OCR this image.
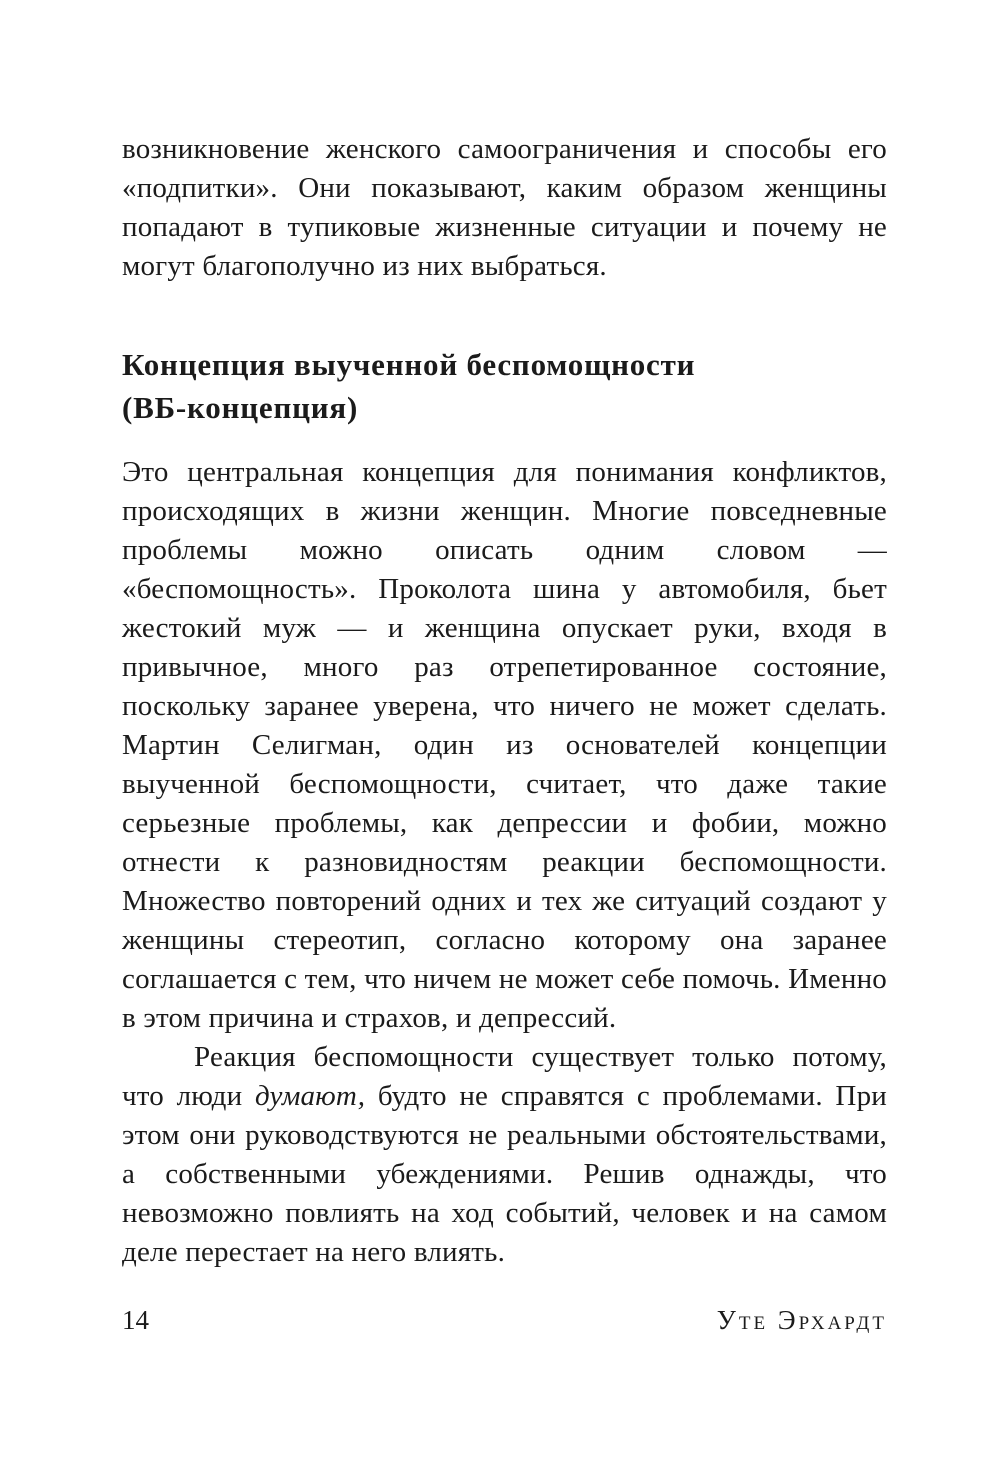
возникновение женского самоограничения и способы его «подпитки». Они показывают, каким образом женщины попадают в тупиковые жизненные ситуации и почему не могут благополучно из них выбраться.

Концепция выученной беспомощности
(ВБ-концепция)

Это центральная концепция для понимания конфликтов, происходящих в жизни женщин. Многие повседневные проблемы можно описать одним словом — «беспомощность». Проколота шина у автомобиля, бьет жестокий муж — и женщина опускает руки, входя в привычное, много раз отрепетированное состояние, поскольку заранее уверена, что ничего не может сделать. Мартин Селигман, один из основателей концепции выученной беспомощности, считает, что даже такие серьезные проблемы, как депрессии и фобии, можно отнести к разновидностям реакции беспомощности. Множество повторений одних и тех же ситуаций создают у женщины стереотип, согласно которому она заранее соглашается с тем, что ничем не может себе помочь. Именно в этом причина и страхов, и депрессий.

Реакция беспомощности существует только потому, что люди думают, будто не справятся с проблемами. При этом они руководствуются не реальными обстоятельствами, а собственными убеждениями. Решив однажды, что невозможно повлиять на ход событий, человек и на самом деле перестает на него влиять.

14	Уте Эрхардт
